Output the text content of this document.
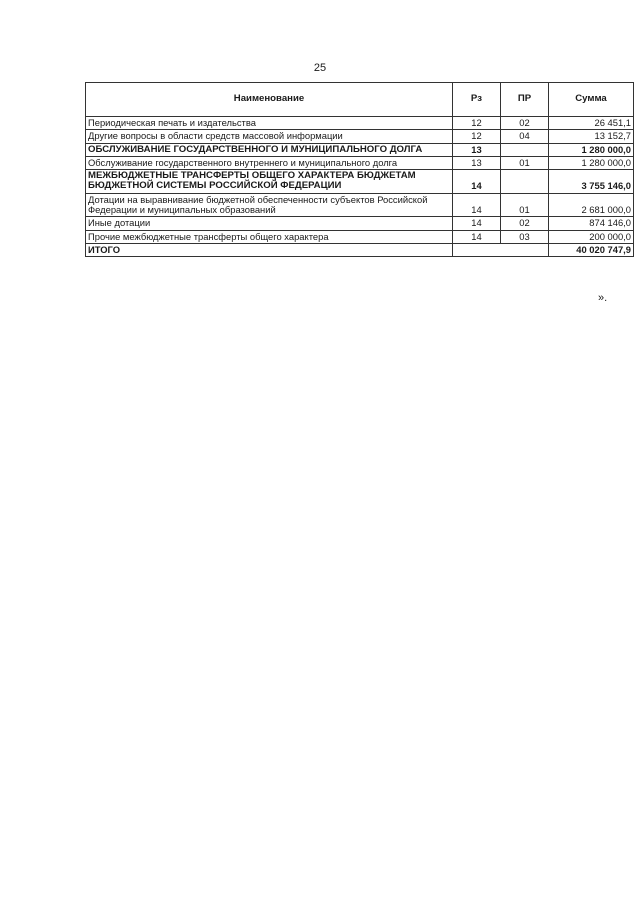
25
Наименование	Рз	ПР	Сумма
Периодическая печать и издательства	12	02	26 451,1
Другие вопросы в области средств массовой информации	12	04	13 152,7
ОБСЛУЖИВАНИЕ ГОСУДАРСТВЕННОГО И МУНИЦИПАЛЬНОГО ДОЛГА	13		1 280 000,0
Обслуживание государственного внутреннего и муниципального долга	13	01	1 280 000,0
МЕЖБЮДЖЕТНЫЕ ТРАНСФЕРТЫ ОБЩЕГО ХАРАКТЕРА БЮДЖЕТАМ БЮДЖЕТНОЙ СИСТЕМЫ РОССИЙСКОЙ ФЕДЕРАЦИИ	14		3 755 146,0
Дотации на выравнивание бюджетной обеспеченности субъектов Российской Федерации и муниципальных образований	14	01	2 681 000,0
Иные дотации	14	02	874 146,0
Прочие межбюджетные трансферты общего характера	14	03	200 000,0
ИТОГО			40 020 747,9
».
